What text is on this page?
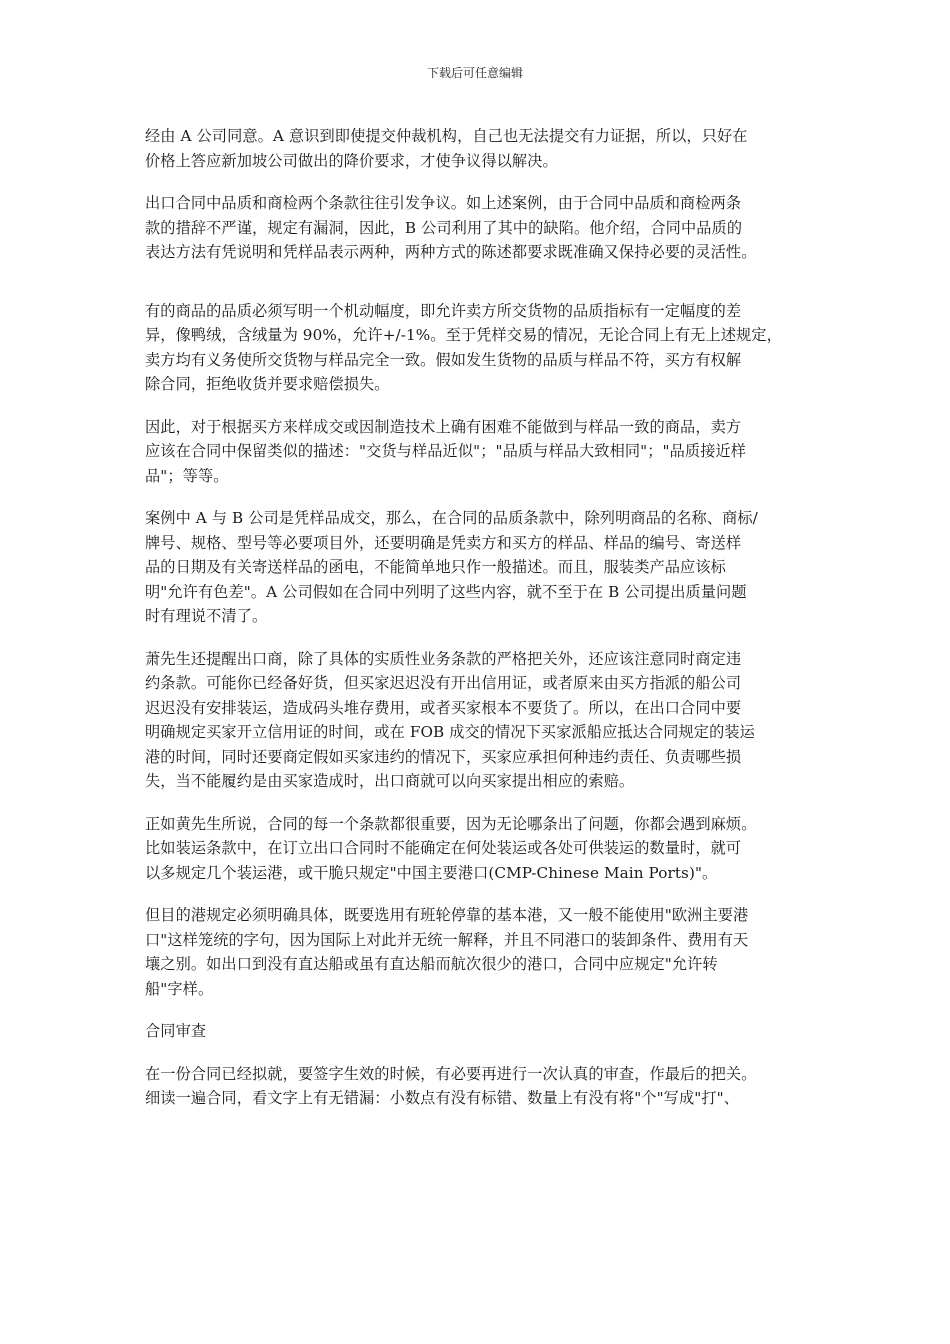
下载后可任意编辑

经由 A 公司同意。A 意识到即使提交仲裁机构，自己也无法提交有力证据，所以，只好在
价格上答应新加坡公司做出的降价要求，才使争议得以解决。

出口合同中品质和商检两个条款往往引发争议。如上述案例，由于合同中品质和商检两条
款的措辞不严谨，规定有漏洞，因此，B 公司利用了其中的缺陷。他介绍，合同中品质的
表达方法有凭说明和凭样品表示两种，两种方式的陈述都要求既准确又保持必要的灵活性。

有的商品的品质必须写明一个机动幅度，即允许卖方所交货物的品质指标有一定幅度的差
异，像鸭绒，含绒量为 90%，允许+/-1%。至于凭样交易的情况，无论合同上有无上述规定，
卖方均有义务使所交货物与样品完全一致。假如发生货物的品质与样品不符，买方有权解
除合同，拒绝收货并要求赔偿损失。

因此，对于根据买方来样成交或因制造技术上确有困难不能做到与样品一致的商品，卖方
应该在合同中保留类似的描述："交货与样品近似"；"品质与样品大致相同"；"品质接近样
品"；等等。

案例中 A 与 B 公司是凭样品成交，那么，在合同的品质条款中，除列明商品的名称、商标/
牌号、规格、型号等必要项目外，还要明确是凭卖方和买方的样品、样品的编号、寄送样
品的日期及有关寄送样品的函电，不能简单地只作一般描述。而且，服装类产品应该标
明"允许有色差"。A 公司假如在合同中列明了这些内容，就不至于在 B 公司提出质量问题
时有理说不清了。

萧先生还提醒出口商，除了具体的实质性业务条款的严格把关外，还应该注意同时商定违
约条款。可能你已经备好货，但买家迟迟没有开出信用证，或者原来由买方指派的船公司
迟迟没有安排装运，造成码头堆存费用，或者买家根本不要货了。所以，在出口合同中要
明确规定买家开立信用证的时间，或在 FOB 成交的情况下买家派船应抵达合同规定的装运
港的时间，同时还要商定假如买家违约的情况下，买家应承担何种违约责任、负责哪些损
失，当不能履约是由买家造成时，出口商就可以向买家提出相应的索赔。

正如黄先生所说，合同的每一个条款都很重要，因为无论哪条出了问题，你都会遇到麻烦。
比如装运条款中，在订立出口合同时不能确定在何处装运或各处可供装运的数量时，就可
以多规定几个装运港，或干脆只规定"中国主要港口(CMP-Chinese Main Ports)"。

但目的港规定必须明确具体，既要选用有班轮停靠的基本港，又一般不能使用"欧洲主要港
口"这样笼统的字句，因为国际上对此并无统一解释，并且不同港口的装卸条件、费用有天
壤之别。如出口到没有直达船或虽有直达船而航次很少的港口，合同中应规定"允许转
船"字样。

合同审查

在一份合同已经拟就，要签字生效的时候，有必要再进行一次认真的审查，作最后的把关。
细读一遍合同，看文字上有无错漏：小数点有没有标错、数量上有没有将"个"写成"打"、
